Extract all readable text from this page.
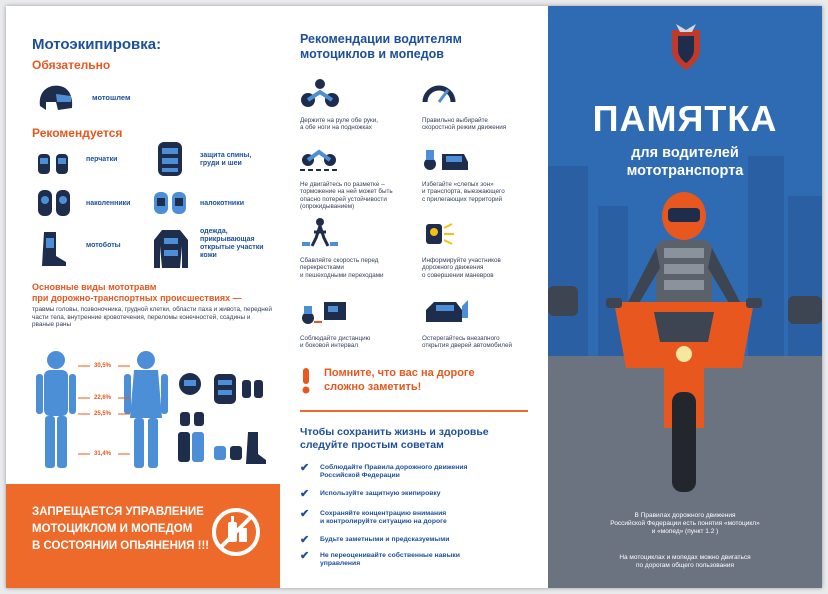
Мотоэкипировка:
Обязательно
мотошлем
Рекомендуется
перчатки
защита спины,
груди и шеи
наколенники	налокотники
мотоботы
одежда,
прикрывающая
открытые участки
кожи
Основные виды мототравм
при дорожно-транспортных происшествиях —
травмы головы, позвоночника, грудной клетки, области паха и живота, передней части тела, внутренние кровотечения, переломы конечностей, ссадины и рваные раны
30,5%
22,6%
25,5%
31,4%
ЗАПРЕЩАЕТСЯ УПРАВЛЕНИЕ
МОТОЦИКЛОМ И МОПЕДОМ
В СОСТОЯНИИ ОПЬЯНЕНИЯ !!!
Рекомендации водителям
мотоциклов и мопедов
Держите на руле обе руки,
а обе ноги на подножках
Правильно выбирайте
скоростной режим движения
Не двигайтесь по разметке –
торможение на ней может быть
опасно потерей устойчивости
(опрокидыванием)
Избегайте «слепых зон»
и транспорта, выезжающего
с прилегающих территорий
Сбавляйте скорость перед
перекрестками
и пешеходными переходами
Информируйте участников
дорожного движения
о совершении маневров
Соблюдайте дистанцию
и боковой интервал
Остерегайтесь внезапного
открытия дверей автомобилей
Помните, что вас на дороге
сложно заметить!
Чтобы сохранить жизнь и здоровье
следуйте простым советам
✔	Соблюдайте Правила дорожного движения
Российской Федерации
✔	Используйте защитную экипировку
✔	Сохраняйте концентрацию внимания
и контролируйте ситуацию на дороге
✔	Будьте заметными и предсказуемыми
✔	Не переоценивайте собственные навыки
управления
ПАМЯТКА
для водителей
мототранспорта
В Правилах дорожного движения
Российской Федерации есть понятия «мотоцикл»
и «мопед» (пункт 1.2 )
На мотоциклах и мопедах можно двигаться
по дорогам общего пользования
